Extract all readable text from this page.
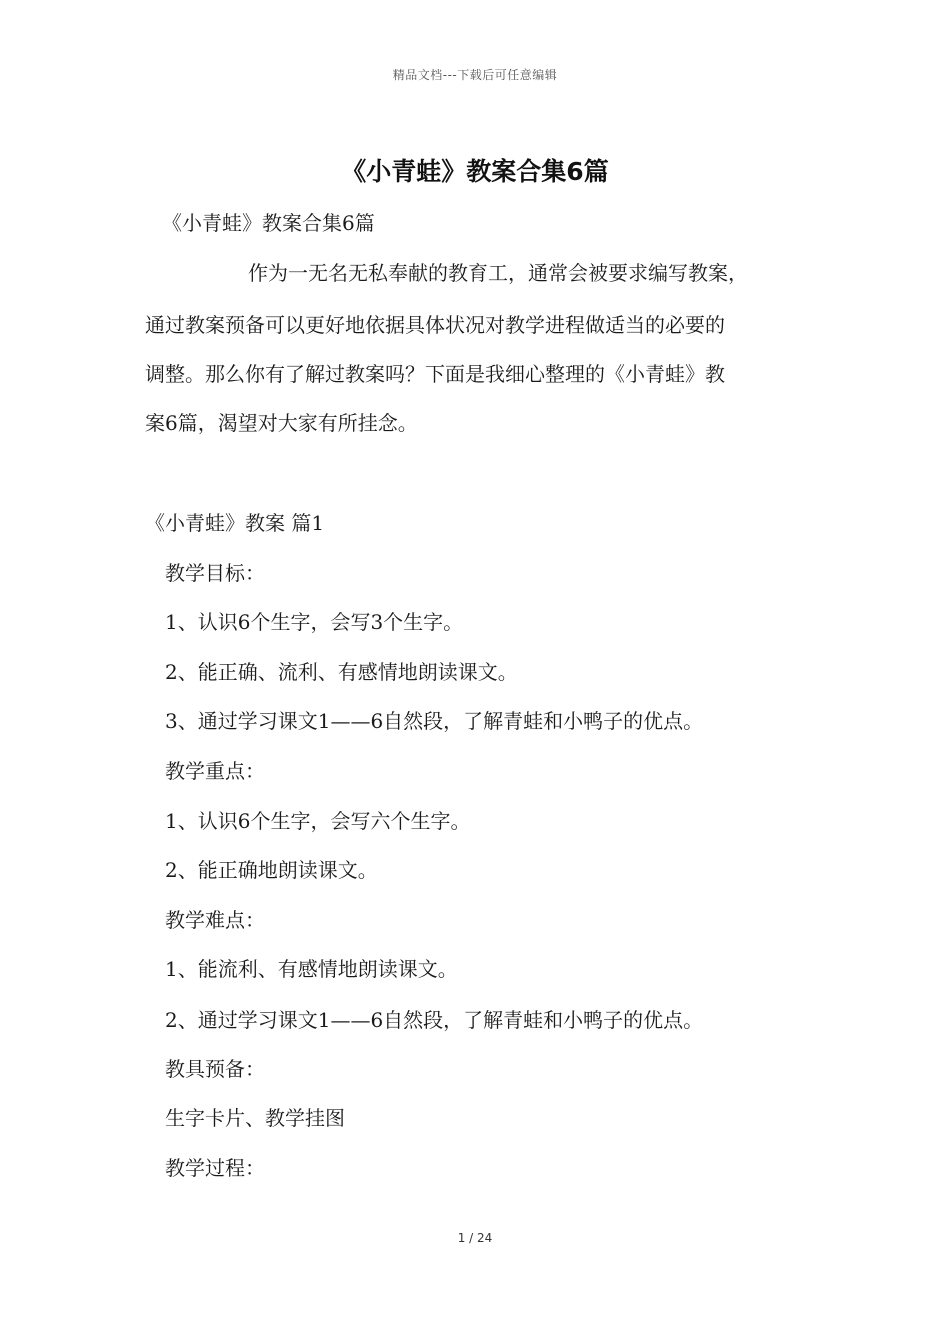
精品文档---下载后可任意编辑
《小青蛙》教案合集6篇
《小青蛙》教案合集6篇
作为一无名无私奉献的教育工，通常会被要求编写教案，
通过教案预备可以更好地依据具体状况对教学进程做适当的必要的
调整。那么你有了解过教案吗？下面是我细心整理的《小青蛙》教
案6篇，渴望对大家有所挂念。
《小青蛙》教案 篇1
教学目标：
1、认识6个生字，会写3个生字。
2、能正确、流利、有感情地朗读课文。
3、通过学习课文1——6自然段，了解青蛙和小鸭子的优点。
教学重点：
1、认识6个生字，会写六个生字。
2、能正确地朗读课文。
教学难点：
1、能流利、有感情地朗读课文。
2、通过学习课文1——6自然段，了解青蛙和小鸭子的优点。
教具预备：
生字卡片、教学挂图
教学过程：
1 / 24
